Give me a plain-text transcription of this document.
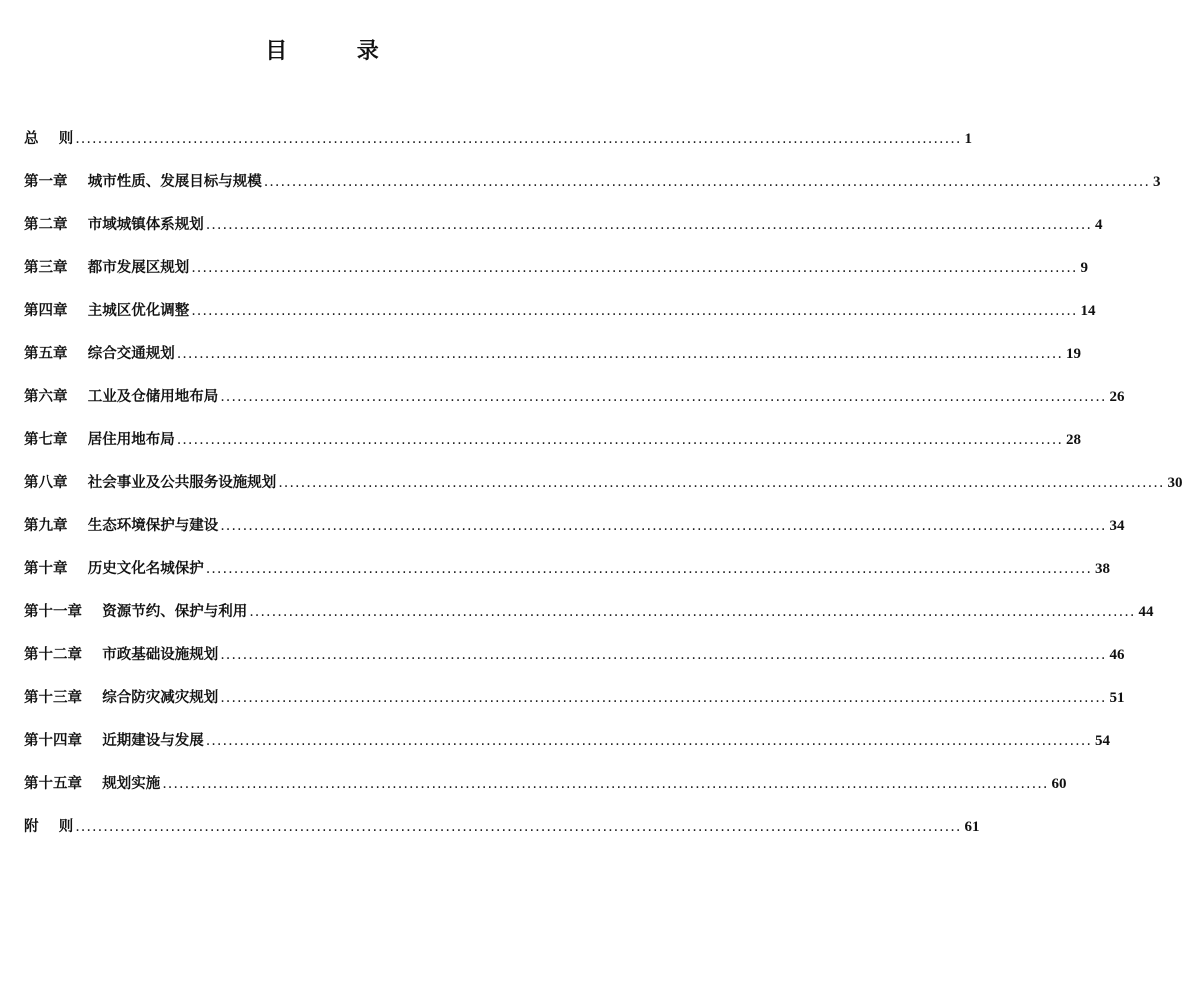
目       录
总    则 .............................................................................................................................................................. 1
第一章    城市性质、发展目标与规模 .............................................................................................................................................................. 3
第二章    市域城镇体系规划 .............................................................................................................................................................. 4
第三章    都市发展区规划 .............................................................................................................................................................. 9
第四章    主城区优化调整 .............................................................................................................................................................. 14
第五章    综合交通规划 .............................................................................................................................................................. 19
第六章    工业及仓储用地布局 .............................................................................................................................................................. 26
第七章    居住用地布局 .............................................................................................................................................................. 28
第八章    社会事业及公共服务设施规划 .............................................................................................................................................................. 30
第九章    生态环境保护与建设 .............................................................................................................................................................. 34
第十章    历史文化名城保护 .............................................................................................................................................................. 38
第十一章    资源节约、保护与利用 .............................................................................................................................................................. 44
第十二章    市政基础设施规划 .............................................................................................................................................................. 46
第十三章    综合防灾减灾规划 .............................................................................................................................................................. 51
第十四章    近期建设与发展 .............................................................................................................................................................. 54
第十五章    规划实施 .............................................................................................................................................................. 60
附    则 .............................................................................................................................................................. 61
